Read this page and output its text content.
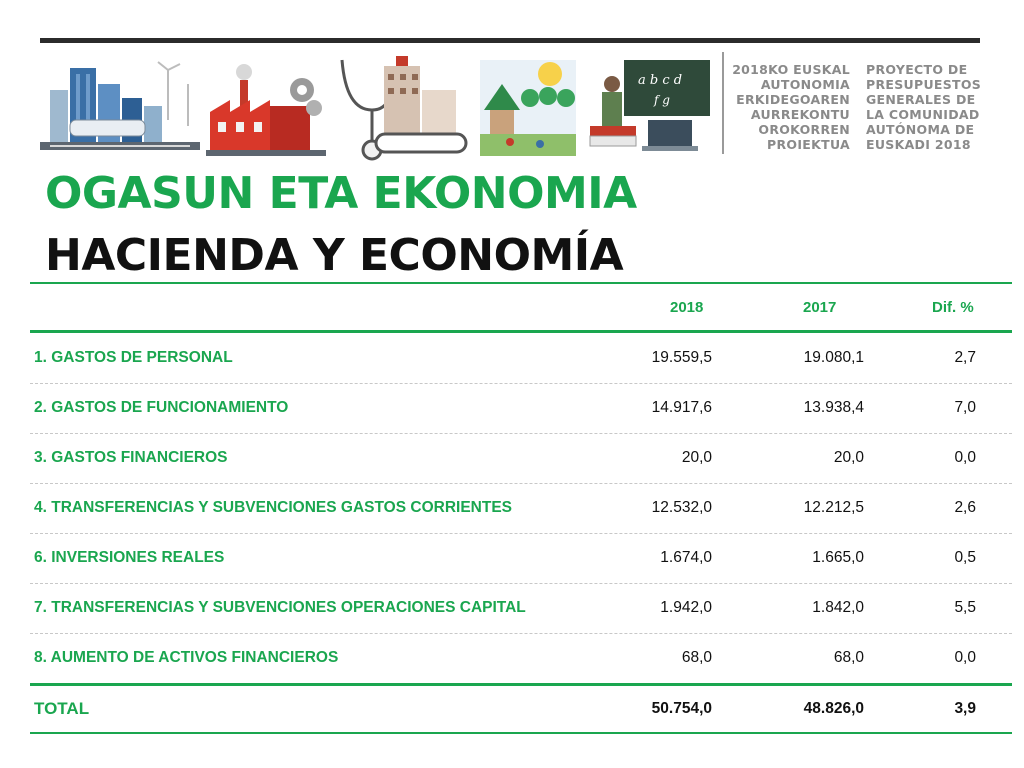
a b c d
f g
2018KO EUSKAL
AUTONOMIA
ERKIDEGOAREN
AURREKONTU
OROKORREN
PROIEKTUA
PROYECTO DE
PRESUPUESTOS
GENERALES DE
LA COMUNIDAD
AUTÓNOMA DE
EUSKADI 2018
OGASUN ETA EKONOMIA
HACIENDA Y ECONOMÍA
2018	2017	Dif. %
1. GASTOS DE PERSONAL	19.559,5	19.080,1	2,7
2. GASTOS DE FUNCIONAMIENTO	14.917,6	13.938,4	7,0
3. GASTOS FINANCIEROS	20,0	20,0	0,0
4. TRANSFERENCIAS Y SUBVENCIONES GASTOS CORRIENTES	12.532,0	12.212,5	2,6
6. INVERSIONES REALES	1.674,0	1.665,0	0,5
7. TRANSFERENCIAS Y SUBVENCIONES OPERACIONES CAPITAL	1.942,0	1.842,0	5,5
8. AUMENTO DE ACTIVOS FINANCIEROS	68,0	68,0	0,0
TOTAL	50.754,0	48.826,0	3,9
